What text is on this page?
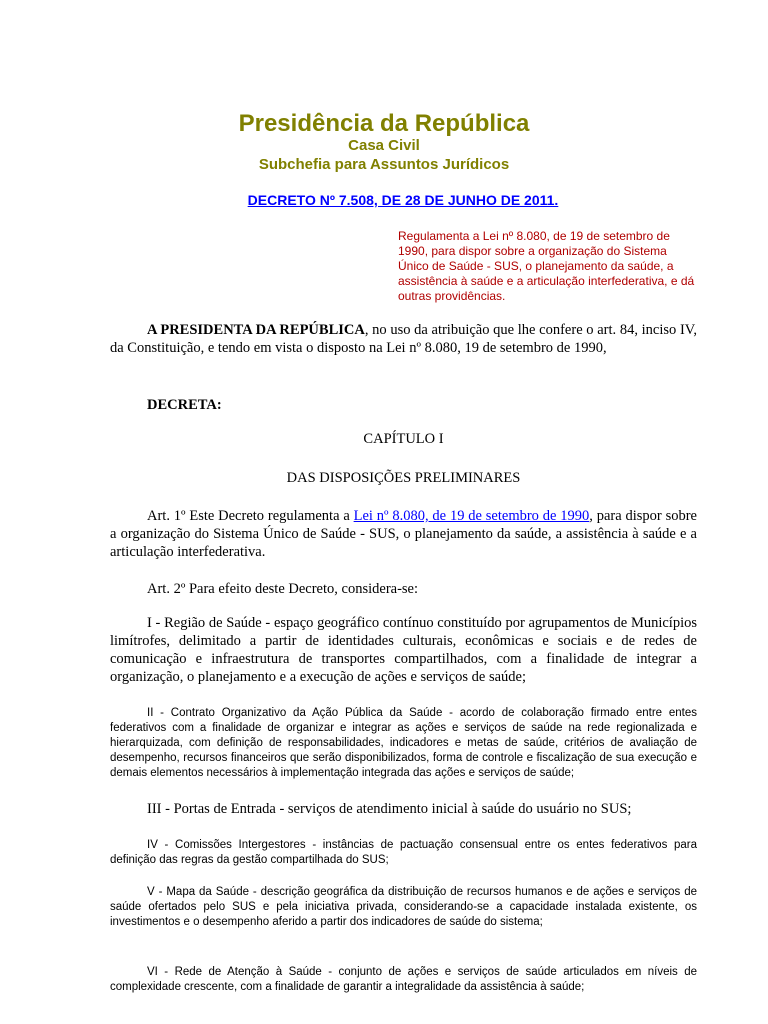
Presidência da República
Casa Civil
Subchefia para Assuntos Jurídicos
DECRETO Nº 7.508, DE 28 DE JUNHO DE 2011.
Regulamenta a Lei nº 8.080, de 19 de setembro de 1990, para dispor sobre a organização do Sistema Único de Saúde - SUS, o planejamento da saúde, a assistência à saúde e a articulação interfederativa, e dá outras providências.
A PRESIDENTA DA REPÚBLICA, no uso da atribuição que lhe confere o art. 84, inciso IV, da Constituição, e tendo em vista o disposto na Lei nº 8.080, 19 de setembro de 1990,
DECRETA:
CAPÍTULO I
DAS DISPOSIÇÕES PRELIMINARES
Art. 1º Este Decreto regulamenta a Lei nº 8.080, de 19 de setembro de 1990, para dispor sobre a organização do Sistema Único de Saúde - SUS, o planejamento da saúde, a assistência à saúde e a articulação interfederativa.
Art. 2º Para efeito deste Decreto, considera-se:
I - Região de Saúde - espaço geográfico contínuo constituído por agrupamentos de Municípios limítrofes, delimitado a partir de identidades culturais, econômicas e sociais e de redes de comunicação e infraestrutura de transportes compartilhados, com a finalidade de integrar a organização, o planejamento e a execução de ações e serviços de saúde;
II - Contrato Organizativo da Ação Pública da Saúde - acordo de colaboração firmado entre entes federativos com a finalidade de organizar e integrar as ações e serviços de saúde na rede regionalizada e hierarquizada, com definição de responsabilidades, indicadores e metas de saúde, critérios de avaliação de desempenho, recursos financeiros que serão disponibilizados, forma de controle e fiscalização de sua execução e demais elementos necessários à implementação integrada das ações e serviços de saúde;
III - Portas de Entrada - serviços de atendimento inicial à saúde do usuário no SUS;
IV - Comissões Intergestores - instâncias de pactuação consensual entre os entes federativos para definição das regras da gestão compartilhada do SUS;
V - Mapa da Saúde - descrição geográfica da distribuição de recursos humanos e de ações e serviços de saúde ofertados pelo SUS e pela iniciativa privada, considerando-se a capacidade instalada existente, os investimentos e o desempenho aferido a partir dos indicadores de saúde do sistema;
VI - Rede de Atenção à Saúde - conjunto de ações e serviços de saúde articulados em níveis de complexidade crescente, com a finalidade de garantir a integralidade da assistência à saúde;
